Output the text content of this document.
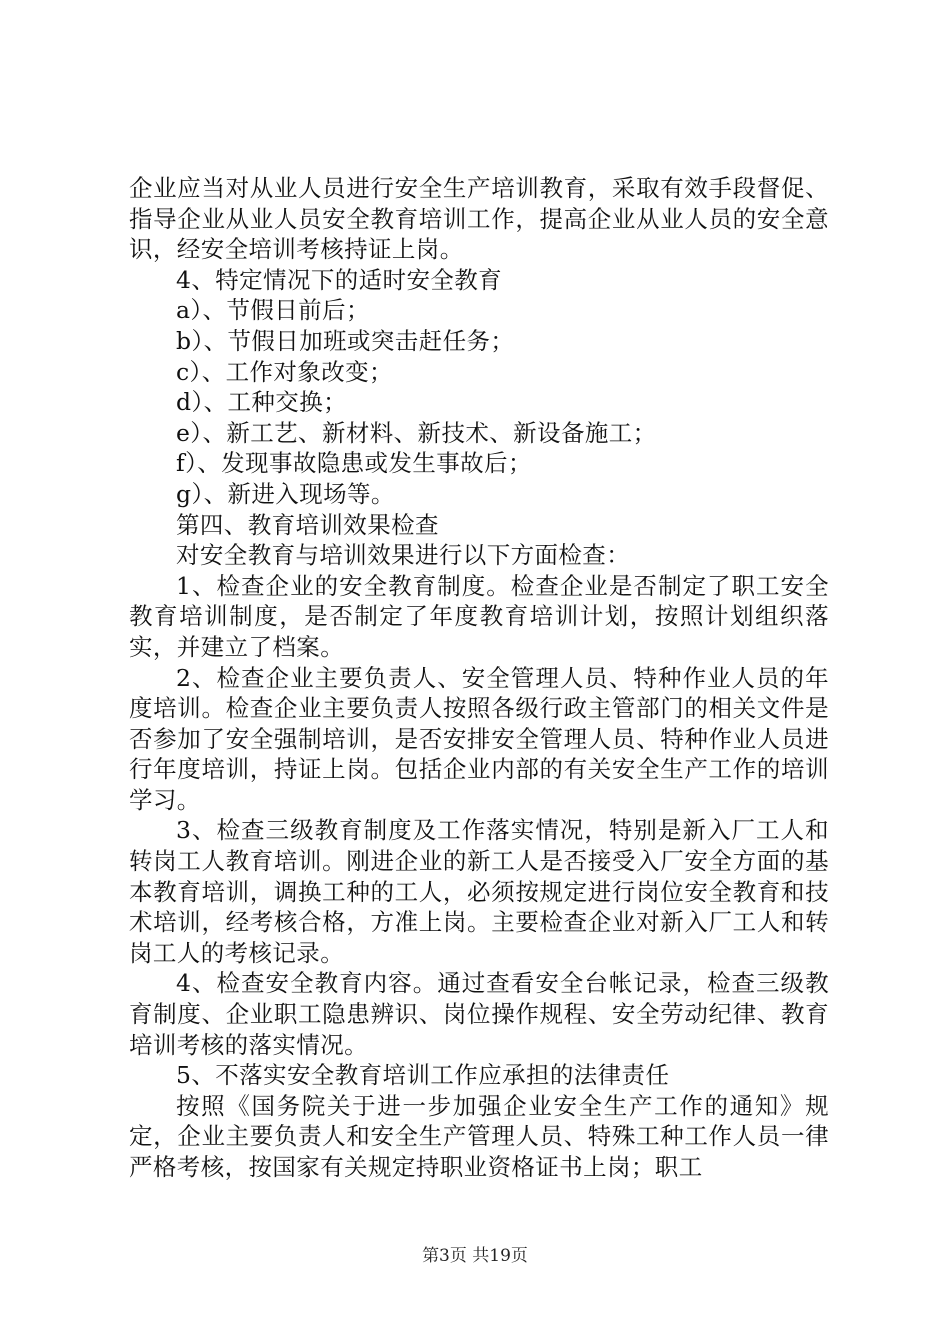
企业应当对从业人员进行安全生产培训教育，采取有效手段督促、指导企业从业人员安全教育培训工作，提高企业从业人员的安全意识，经安全培训考核持证上岗。

4、特定情况下的适时安全教育

a）、节假日前后；

b）、节假日加班或突击赶任务；

c）、工作对象改变；

d）、工种交换；

e）、新工艺、新材料、新技术、新设备施工；

f）、发现事故隐患或发生事故后；

g）、新进入现场等。

第四、教育培训效果检查

对安全教育与培训效果进行以下方面检查：

1、检查企业的安全教育制度。检查企业是否制定了职工安全教育培训制度，是否制定了年度教育培训计划，按照计划组织落实，并建立了档案。

2、检查企业主要负责人、安全管理人员、特种作业人员的年度培训。检查企业主要负责人按照各级行政主管部门的相关文件是否参加了安全强制培训，是否安排安全管理人员、特种作业人员进行年度培训，持证上岗。包括企业内部的有关安全生产工作的培训学习。

3、检查三级教育制度及工作落实情况，特别是新入厂工人和转岗工人教育培训。刚进企业的新工人是否接受入厂安全方面的基本教育培训，调换工种的工人，必须按规定进行岗位安全教育和技术培训，经考核合格，方准上岗。主要检查企业对新入厂工人和转岗工人的考核记录。

4、检查安全教育内容。通过查看安全台帐记录，检查三级教育制度、企业职工隐患辨识、岗位操作规程、安全劳动纪律、教育培训考核的落实情况。

5、不落实安全教育培训工作应承担的法律责任

按照《国务院关于进一步加强企业安全生产工作的通知》规定，企业主要负责人和安全生产管理人员、特殊工种工作人员一律严格考核，按国家有关规定持职业资格证书上岗；职工

第3页 共19页
